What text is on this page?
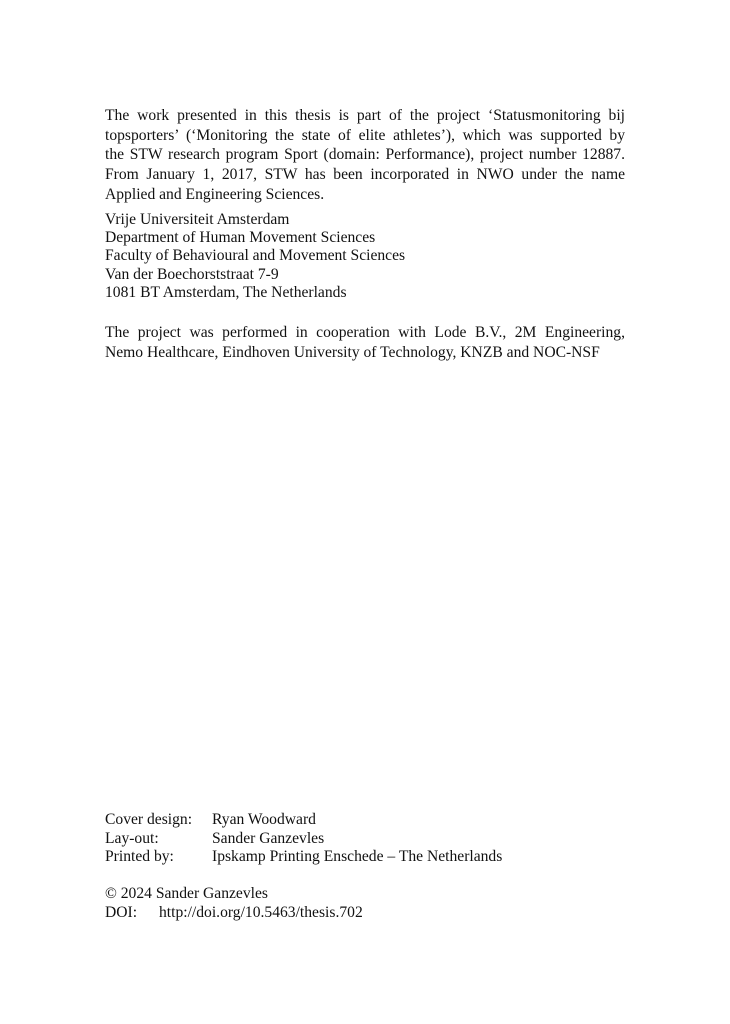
The work presented in this thesis is part of the project ‘Statusmonitoring bij
topsporters’ (‘Monitoring the state of elite athletes’), which was supported by
the STW research program Sport (domain: Performance), project number 12887.
From January 1, 2017, STW has been incorporated in NWO under the name
Applied and Engineering Sciences.
Vrije Universiteit Amsterdam
Department of Human Movement Sciences
Faculty of Behavioural and Movement Sciences
Van der Boechorststraat 7-9
1081 BT Amsterdam, The Netherlands
The project was performed in cooperation with Lode B.V., 2M Engineering,
Nemo Healthcare, Eindhoven University of Technology, KNZB and NOC-NSF
Cover design: Ryan Woodward
Lay-out:	Sander Ganzevles
Printed by: Ipskamp Printing Enschede – The Netherlands
© 2024 Sander Ganzevles
DOI: http://doi.org/10.5463/thesis.702
